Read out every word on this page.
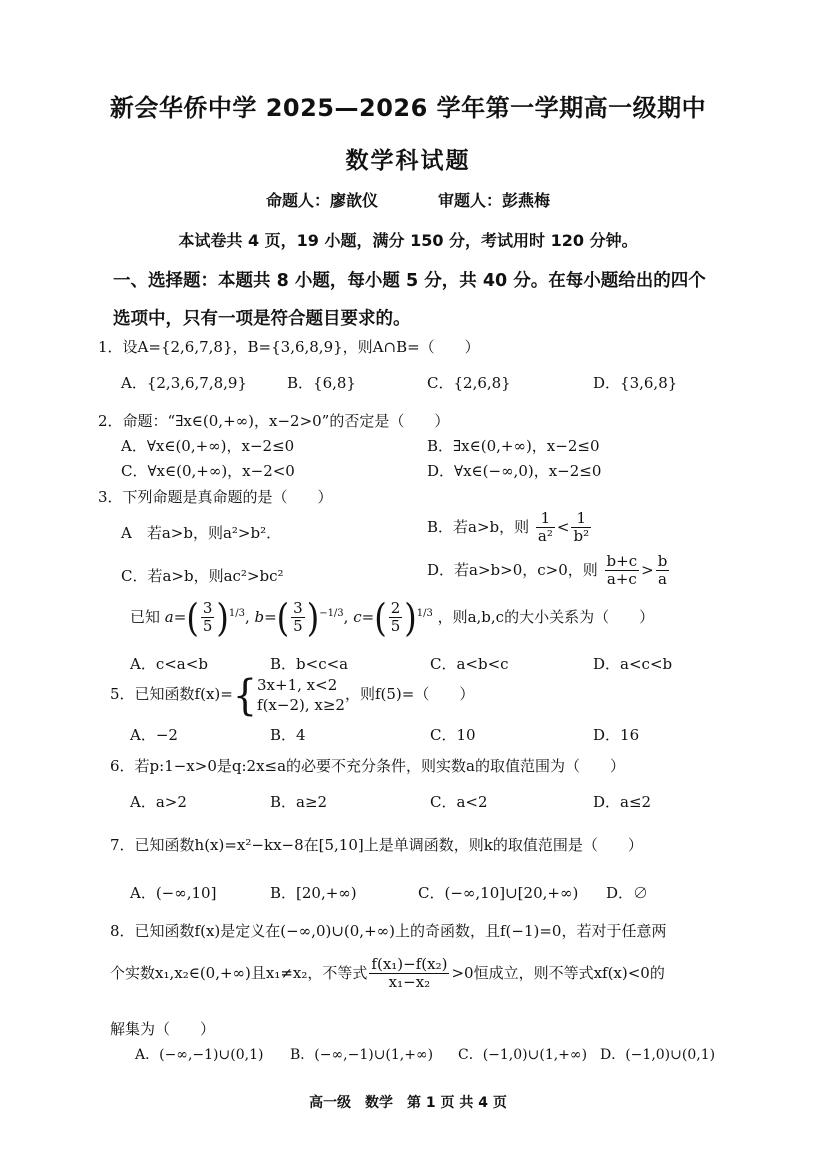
新会华侨中学 2025—2026 学年第一学期高一级期中
数学科试题
命题人：廖歆仪	审题人：彭燕梅
本试卷共 4 页，19 小题，满分 150 分，考试用时 120 分钟。
一、选择题：本题共 8 小题，每小题 5 分，共 40 分。在每小题给出的四个选项中，只有一项是符合题目要求的。
1．设A={2,6,7,8}，B={3,6,8,9}，则A∩B=（　　）
A．{2,3,6,7,8,9}	B．{6,8}	C．{2,6,8}	D．{3,6,8}
2．命题：“∃x∈(0,+∞)，x−2>0”的否定是（　　）
A．∀x∈(0,+∞)，x−2≤0	B．∃x∈(0,+∞)，x−2≤0
C．∀x∈(0,+∞)，x−2<0	D．∀x∈(−∞,0)，x−2≤0
3．下列命题是真命题的是（　　）
A　若a>b，则a²>b²．	B．若a>b，则 $\frac{1}{\text{a²}} < \frac{1}{\text{b²}}$
C．若a>b，则ac²>bc²	D．若a>b>0，c>0，则 $\frac{b+c}{a+c} > \frac{b}{a}$
已知 $a=( \frac{3}{5} )^{1/3}$, $b=( \frac{3}{5} )^{-1/3}$, $c=( \frac{2}{5} )^{1/3}$ ，则a,b,c的大小关系为（　　）
A．c<a<b	B．b<c<a	C．a<b<c	D．a<c<b
5．已知函数f(x)={ 3x+1, x<2
f(x−2), x≥2
，则f(5)=（　　）
A．−2	B．4	C．10	D．16
6．若p:1−x>0是q:2x≤a的必要不充分条件，则实数a的取值范围为（　　）
A．a>2	B．a≥2	C．a<2	D．a≤2
7．已知函数h(x)=x²−kx−8在[5,10]上是单调函数，则k的取值范围是（　　）
A．(−∞,10]	B．[20,+∞)	C．(−∞,10]∪[20,+∞) D．∅
8．已知函数f(x)是定义在(−∞,0)∪(0,+∞)上的奇函数，且f(−1)=0，若对于任意两
个实数x₁,x₂∈(0,+∞)且x₁≠x₂，不等式 $\frac{\text{f(x₁)−f(x₂)}}{\text{x₁−x₂}} >0$恒成立，则不等式xf(x)<0的
解集为（　　）
A．(−∞,−1)∪(0,1) B．(−∞,−1)∪(1,+∞) C．(−1,0)∪(1,+∞) D．(−1,0)∪(0,1)
高一级　数学　第 1 页 共 4 页
